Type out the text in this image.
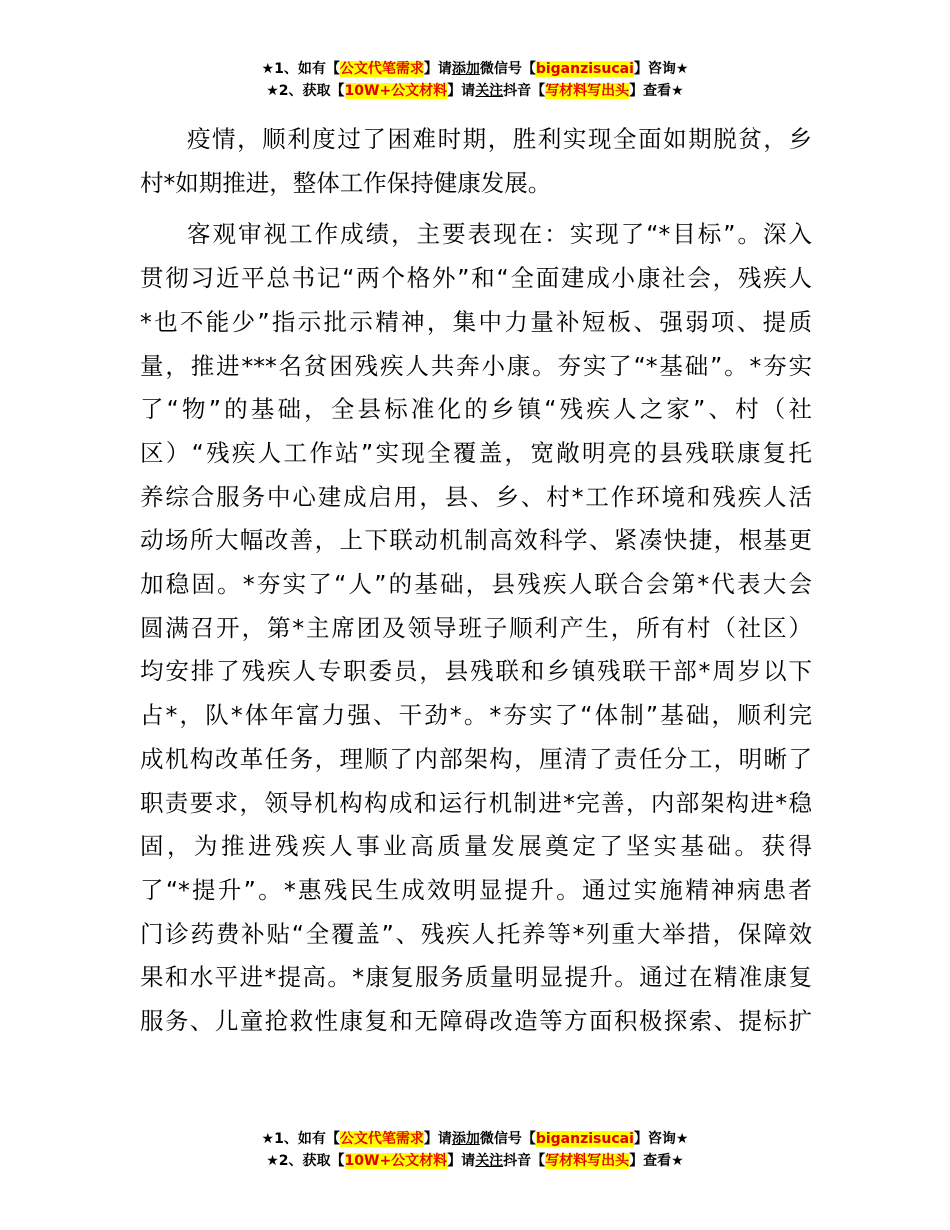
★1、如有【公文代笔需求】请添加微信号【biganzisucai】咨询★
★2、获取【10W+公文材料】请关注抖音【写材料写出头】查看★

疫情，顺利度过了困难时期，胜利实现全面如期脱贫，乡
村*如期推进，整体工作保持健康发展。

客观审视工作成绩，主要表现在：实现了“*目标”。深入
贯彻习近平总书记“两个格外”和“全面建成小康社会，残疾人
*也不能少”指示批示精神，集中力量补短板、强弱项、提质
量，推进***名贫困残疾人共奔小康。夯实了“*基础”。*夯实
了“物”的基础，全县标准化的乡镇“残疾人之家”、村（社
区）“残疾人工作站”实现全覆盖，宽敞明亮的县残联康复托
养综合服务中心建成启用，县、乡、村*工作环境和残疾人活
动场所大幅改善，上下联动机制高效科学、紧凑快捷，根基更
加稳固。*夯实了“人”的基础，县残疾人联合会第*代表大会
圆满召开，第*主席团及领导班子顺利产生，所有村（社区）
均安排了残疾人专职委员，县残联和乡镇残联干部*周岁以下
占*，队*体年富力强、干劲*。*夯实了“体制”基础，顺利完
成机构改革任务，理顺了内部架构，厘清了责任分工，明晰了
职责要求，领导机构构成和运行机制进*完善，内部架构进*稳
固，为推进残疾人事业高质量发展奠定了坚实基础。获得
了“*提升”。*惠残民生成效明显提升。通过实施精神病患者
门诊药费补贴“全覆盖”、残疾人托养等*列重大举措，保障效
果和水平进*提高。*康复服务质量明显提升。通过在精准康复
服务、儿童抢救性康复和无障碍改造等方面积极探索、提标扩

★1、如有【公文代笔需求】请添加微信号【biganzisucai】咨询★
★2、获取【10W+公文材料】请关注抖音【写材料写出头】查看★
